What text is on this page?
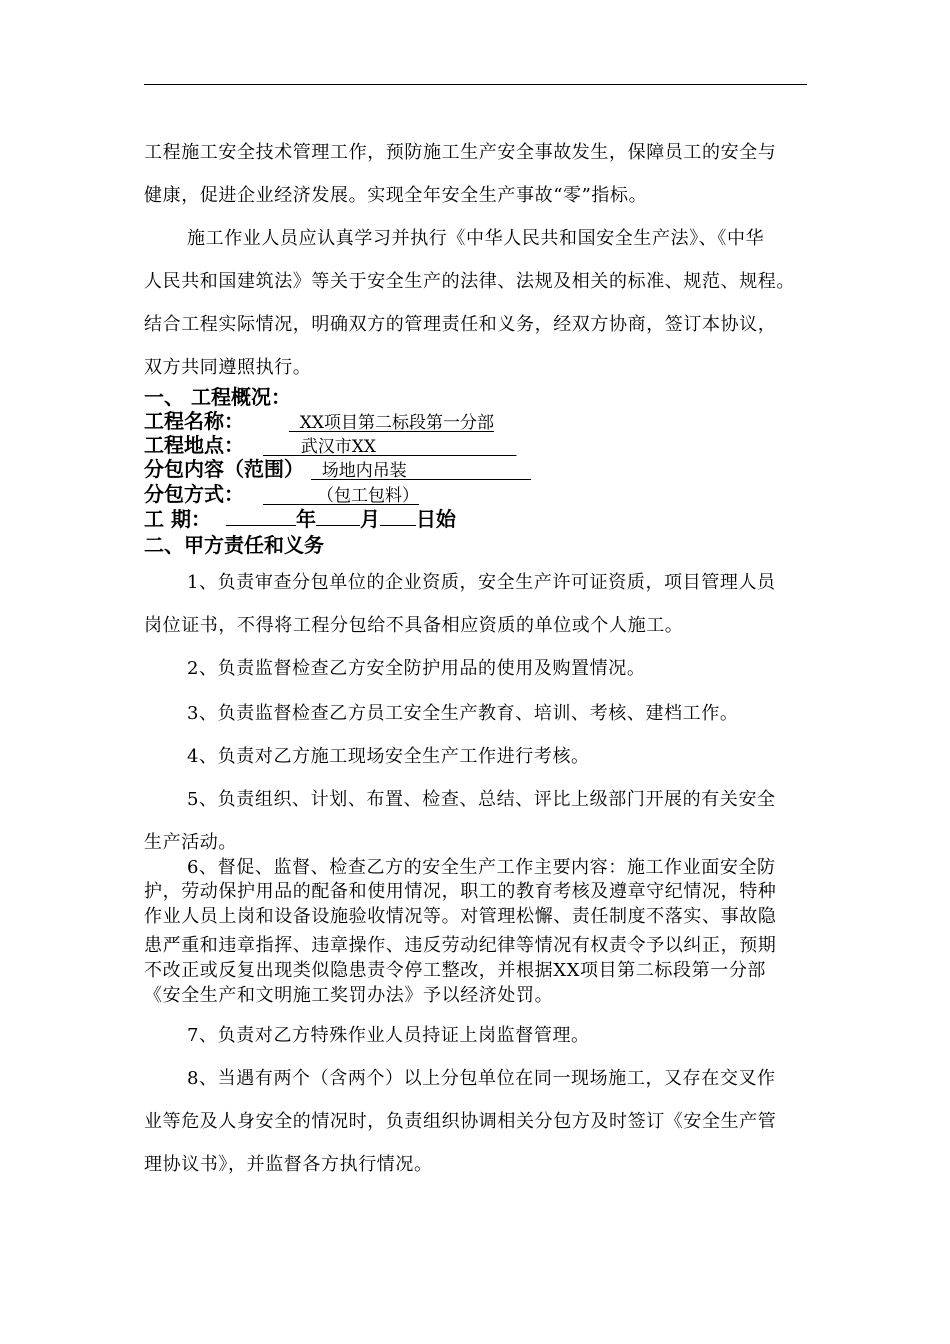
工程施工安全技术管理工作，预防施工生产安全事故发生，保障员工的安全与
健康，促进企业经济发展。实现全年安全生产事故“零”指标。
施工作业人员应认真学习并执行《中华人民共和国安全生产法》、《中华
人民共和国建筑法》等关于安全生产的法律、法规及相关的标准、规范、规程。
结合工程实际情况，明确双方的管理责任和义务，经双方协商，签订本协议，
双方共同遵照执行。
一、 工程概况：
工程名称：	XX项目第二标段第一分部
工程地点：        武汉市XX
分包内容（范围）   场地内吊装
分包方式：           （包工包料）
工 期：	年 月 日始
二、甲方责任和义务
1、负责审查分包单位的企业资质，安全生产许可证资质，项目管理人员
岗位证书，不得将工程分包给不具备相应资质的单位或个人施工。
2、负责监督检查乙方安全防护用品的使用及购置情况。
3、负责监督检查乙方员工安全生产教育、培训、考核、建档工作。
4、负责对乙方施工现场安全生产工作进行考核。
5、负责组织、计划、布置、检查、总结、评比上级部门开展的有关安全
生产活动。
6、督促、监督、检查乙方的安全生产工作主要内容：施工作业面安全防
护，劳动保护用品的配备和使用情况，职工的教育考核及遵章守纪情况，特种
作业人员上岗和设备设施验收情况等。对管理松懈、责任制度不落实、事故隐
患严重和违章指挥、违章操作、违反劳动纪律等情况有权责令予以纠正，预期
不改正或反复出现类似隐患责令停工整改，并根据XX项目第二标段第一分部
《安全生产和文明施工奖罚办法》予以经济处罚。
7、负责对乙方特殊作业人员持证上岗监督管理。
8、当遇有两个（含两个）以上分包单位在同一现场施工，又存在交叉作
业等危及人身安全的情况时，负责组织协调相关分包方及时签订《安全生产管
理协议书》，并监督各方执行情况。
